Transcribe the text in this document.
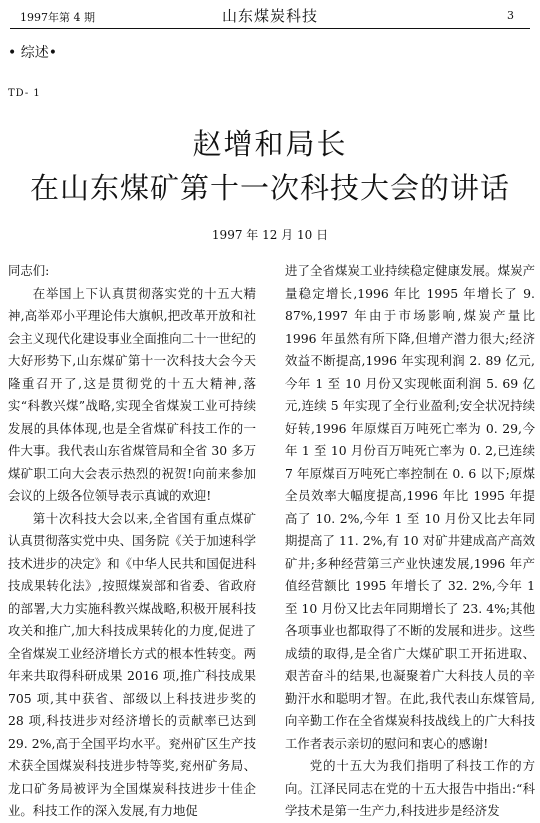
1997年第 4 期	山东煤炭科技	3
• 综述•
TD- 1
赵增和局长
在山东煤矿第十一次科技大会的讲话
1997 年 12 月 10 日

同志们:

在举国上下认真贯彻落实党的十五大精神,高举邓小平理论伟大旗帜,把改革开放和社会主义现代化建设事业全面推向二十一世纪的大好形势下,山东煤矿第十一次科技大会今天隆重召开了,这是贯彻党的十五大精神,落实“科教兴煤”战略,实现全省煤炭工业可持续发展的具体体现,也是全省煤矿科技工作的一件大事。我代表山东省煤管局和全省 30 多万煤矿职工向大会表示热烈的祝贺!向前来参加会议的上级各位领导表示真诚的欢迎!

第十次科技大会以来,全省国有重点煤矿认真贯彻落实党中央、国务院《关于加速科学技术进步的决定》和《中华人民共和国促进科技成果转化法》,按照煤炭部和省委、省政府的部署,大力实施科教兴煤战略,积极开展科技攻关和推广,加大科技成果转化的力度,促进了全省煤炭工业经济增长方式的根本性转变。两年来共取得科研成果 2016 项,推广科技成果 705 项,其中获省、部级以上科技进步奖的 28 项,科技进步对经济增长的贡献率已达到 29. 2%,高于全国平均水平。兖州矿区生产技术获全国煤炭科技进步特等奖,兖州矿务局、龙口矿务局被评为全国煤炭科技进步十佳企业。科技工作的深入发展,有力地促

进了全省煤炭工业持续稳定健康发展。煤炭产量稳定增长,1996 年比 1995 年增长了 9. 87%,1997 年由于市场影响,煤炭产量比 1996 年虽然有所下降,但增产潜力很大;经济效益不断提高,1996 年实现利润 2. 89 亿元,今年 1 至 10 月份又实现帐面利润 5. 69 亿元,连续 5 年实现了全行业盈利;安全状况持续好转,1996 年原煤百万吨死亡率为 0. 29,今年 1 至 10 月份百万吨死亡率为 0. 2,已连续 7 年原煤百万吨死亡率控制在 0. 6 以下;原煤全员效率大幅度提高,1996 年比 1995 年提高了 10. 2%,今年 1 至 10 月份又比去年同期提高了 11. 2%,有 10 对矿井建成高产高效矿井;多种经营第三产业快速发展,1996 年产值经营额比 1995 年增长了 32. 2%,今年 1 至 10 月份又比去年同期增长了 23. 4%;其他各项事业也都取得了不断的发展和进步。这些成绩的取得,是全省广大煤矿职工开拓进取、艰苦奋斗的结果,也凝聚着广大科技人员的辛勤汗水和聪明才智。在此,我代表山东煤管局,向辛勤工作在全省煤炭科技战线上的广大科技工作者表示亲切的慰问和衷心的感谢!

党的十五大为我们指明了科技工作的方向。江泽民同志在党的十五大报告中指出:“科学技术是第一生产力,科技进步是经济发
